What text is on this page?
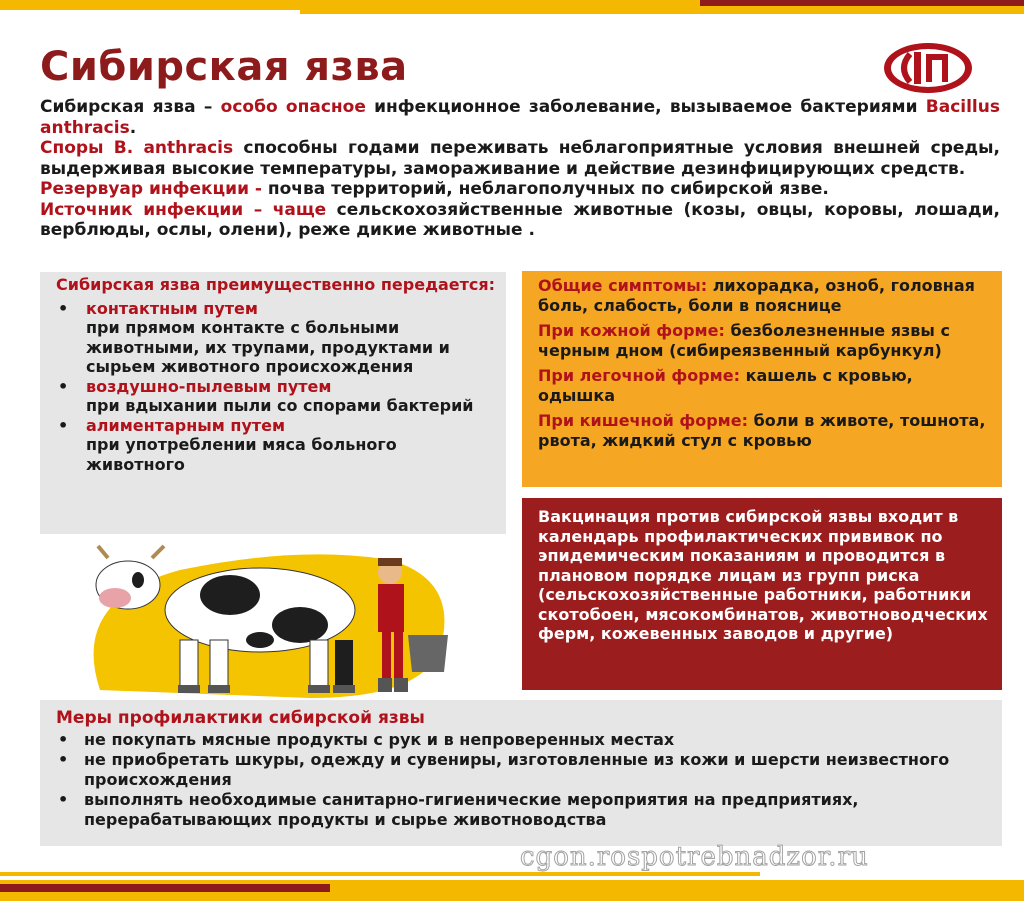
Сибирская язва

Сибирская язва – особо опасное инфекционное заболевание, вызываемое бактериями Bacillus anthracis.

Споры B. anthracis способны годами переживать неблагоприятные условия внешней среды, выдерживая высокие температуры, замораживание и действие дезинфицирующих средств.

Резервуар инфекции - почва территорий, неблагополучных по сибирской язве.

Источник инфекции – чаще сельскохозяйственные животные (козы, овцы, коровы, лошади, верблюды, ослы, олени), реже дикие животные .

Сибирская язва преимущественно передается:
• контактным путем
при прямом контакте с больными животными, их трупами, продуктами и сырьем животного происхождения
• воздушно-пылевым путем
при вдыхании пыли со спорами бактерий
• алиментарным путем
при употреблении мяса больного животного

Общие симптомы: лихорадка, озноб, головная боль, слабость, боли в пояснице

При кожной форме: безболезненные язвы с черным дном (сибиреязвенный карбункул)

При легочной форме: кашель с кровью, одышка

При кишечной форме: боли в животе, тошнота, рвота, жидкий стул с кровью

Вакцинация против сибирской язвы входит в календарь профилактических прививок по эпидемическим показаниям и проводится в плановом порядке лицам из групп риска (сельскохозяйственные работники, работники скотобоен, мясокомбинатов, животноводческих ферм, кожевенных заводов и другие)
Меры профилактики сибирской язвы
• не покупать мясные продукты с рук и в непроверенных местах
• не приобретать шкуры, одежду и сувениры, изготовленные из кожи и шерсти неизвестного происхождения
• выполнять необходимые санитарно-гигиенические мероприятия на предприятиях, перерабатывающих продукты и сырье животноводства
cgon.rospotrebnadzor.ru
